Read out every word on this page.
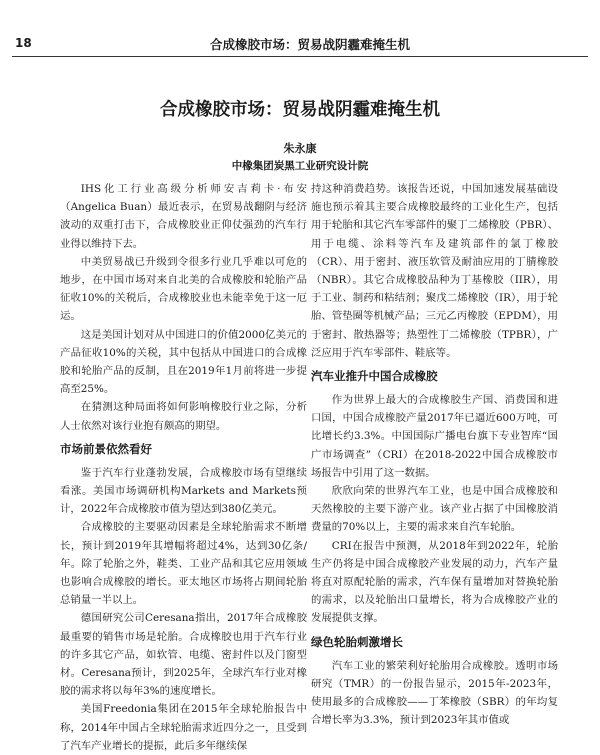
18	合成橡胶市场：贸易战阴霾难掩生机
合成橡胶市场：贸易战阴霾难掩生机
朱永康
中橡集团炭黑工业研究设计院

IHS化工行业高级分析师安吉莉卡·布安（Angelica Buan）最近表示，在贸易战翻阴与经济波动的双重打击下，合成橡胶业正仰仗强劲的汽车行业得以维持下去。

中美贸易战已升级到令很多行业几乎难以可危的地步，在中国市场对来自北美的合成橡胶和轮胎产品征收10%的关税后，合成橡胶业也未能幸免于这一厄运。

这是美国计划对从中国进口的价值2000亿美元的产品征收10%的关税，其中包括从中国进口的合成橡胶和轮胎产品的反制，且在2019年1月前将进一步提高至25%。

在猜测这种局面将如何影响橡胶行业之际，分析人士依然对该行业抱有颇高的期望。

市场前景依然看好

鉴于汽车行业蓬勃发展，合成橡胶市场有望继续看涨。美国市场调研机构Markets and Markets预计，2022年合成橡胶市值为望达到380亿美元。

合成橡胶的主要驱动因素是全球轮胎需求不断增长，预计到2019年其增幅将超过4%，达到30亿条/年。除了轮胎之外，鞋类、工业产品和其它应用领域也影响合成橡胶的增长。亚太地区市场将占期间轮胎总销量一半以上。

德国研究公司Ceresana指出，2017年合成橡胶最重要的销售市场是轮胎。合成橡胶也用于汽车行业的许多其它产品，如软管、电缆、密封件以及门窗型材。Ceresana预计，到2025年，全球汽车行业对橡胶的需求将以每年3%的速度增长。

美国Freedonia集团在2015年全球轮胎报告中称，2014年中国占全球轮胎需求近四分之一，且受到了汽车产业增长的提振，此后多年继续保

持这种消费趋势。该报告还说，中国加速发展基础设施也预示着其主要合成橡胶最终的工业化生产，包括用于轮胎和其它汽车零部件的聚丁二烯橡胶（PBR）、用于电缆、涂料等汽车及建筑部件的氯丁橡胶（CR）、用于密封、液压软管及耐油应用的丁腈橡胶（NBR）。其它合成橡胶品种为丁基橡胶（IIR），用于工业、制药和粘结剂；聚戊二烯橡胶（IR），用于轮胎、管垫圈等机械产品；三元乙丙橡胶（EPDM），用于密封、散热器等；热塑性丁二烯橡胶（TPBR），广泛应用于汽车零部件、鞋底等。

汽车业推升中国合成橡胶

作为世界上最大的合成橡胶生产国、消费国和进口国，中国合成橡胶产量2017年已逼近600万吨，可比增长约3.3%。中国国际广播电台旗下专业智库“国广市场调查”（CRI）在2018-2022中国合成橡胶市场报告中引用了这一数据。

欣欣向荣的世界汽车工业，也是中国合成橡胶和天然橡胶的主要下游产业。该产业占据了中国橡胶消费量的70%以上，主要的需求来自汽车轮胎。

CRI在报告中预测，从2018年到2022年，轮胎生产仍将是中国合成橡胶产业发展的动力，汽车产量将直对原配轮胎的需求，汽车保有量增加对替换轮胎的需求，以及轮胎出口量增长，将为合成橡胶产业的发展提供支撑。

绿色轮胎刺激增长

汽车工业的繁荣利好轮胎用合成橡胶。透明市场研究（TMR）的一份报告显示，2015年-2023年，使用最多的合成橡胶——丁苯橡胶（SBR）的年均复合增长率为3.3%，预计到2023年其市值或
